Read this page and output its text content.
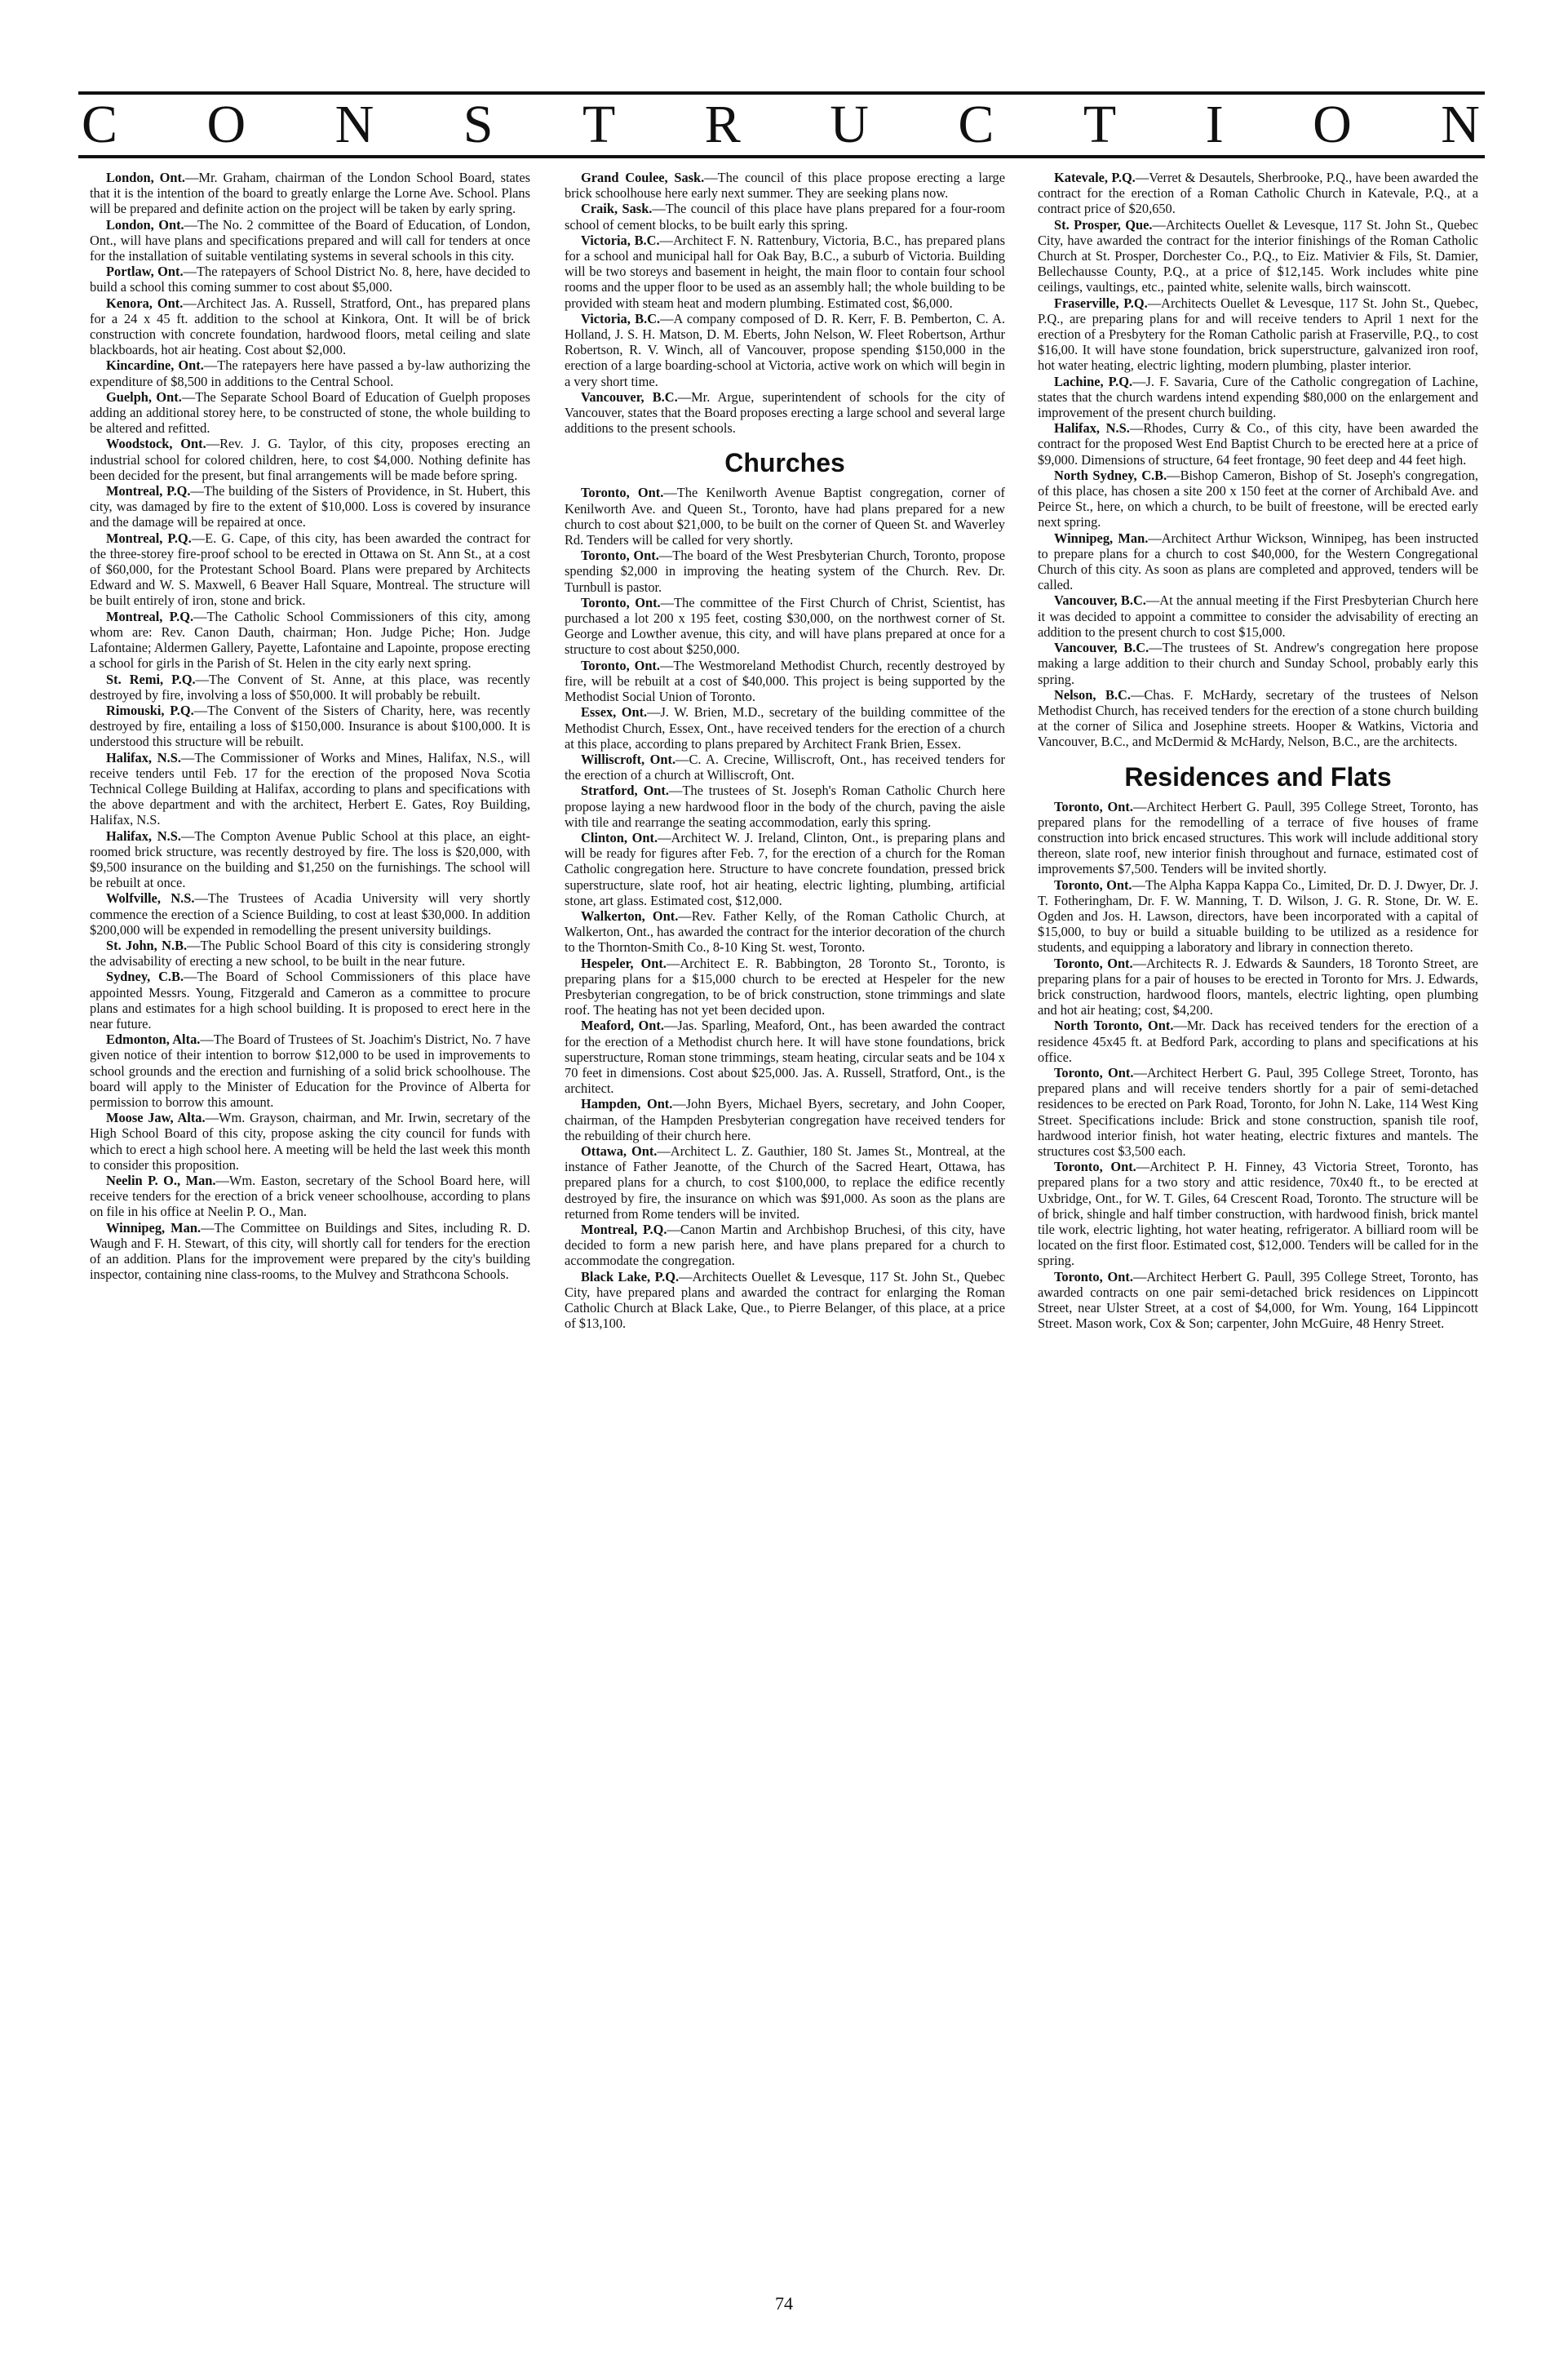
C O N S T R U C T I O N

London, Ont.—Mr. Graham, chairman of the London School Board, states that it is the intention of the board to greatly enlarge the Lorne Ave. School. Plans will be prepared and definite action on the project will be taken by early spring.

London, Ont.—The No. 2 committee of the Board of Education, of London, Ont., will have plans and specifications prepared and will call for tenders at once for the installation of suitable ventilating systems in several schools in this city.

Portlaw, Ont.—The ratepayers of School District No. 8, here, have decided to build a school this coming summer to cost about $5,000.

Kenora, Ont.—Architect Jas. A. Russell, Stratford, Ont., has prepared plans for a 24 x 45 ft. addition to the school at Kinkora, Ont. It will be of brick construction with concrete foundation, hardwood floors, metal ceiling and slate blackboards, hot air heating. Cost about $2,000.

Kincardine, Ont.—The ratepayers here have passed a by-law authorizing the expenditure of $8,500 in additions to the Central School.

Guelph, Ont.—The Separate School Board of Education of Guelph proposes adding an additional storey here, to be constructed of stone, the whole building to be altered and refitted.

Woodstock, Ont.—Rev. J. G. Taylor, of this city, proposes erecting an industrial school for colored children, here, to cost $4,000. Nothing definite has been decided for the present, but final arrangements will be made before spring.

Montreal, P.Q.—The building of the Sisters of Providence, in St. Hubert, this city, was damaged by fire to the extent of $10,000. Loss is covered by insurance and the damage will be repaired at once.

Montreal, P.Q.—E. G. Cape, of this city, has been awarded the contract for the three-storey fire-proof school to be erected in Ottawa on St. Ann St., at a cost of $60,000, for the Protestant School Board. Plans were prepared by Architects Edward and W. S. Maxwell, 6 Beaver Hall Square, Montreal. The structure will be built entirely of iron, stone and brick.

Montreal, P.Q.—The Catholic School Commissioners of this city, among whom are: Rev. Canon Dauth, chairman; Hon. Judge Piche; Hon. Judge Lafontaine; Aldermen Gallery, Payette, Lafontaine and Lapointe, propose erecting a school for girls in the Parish of St. Helen in the city early next spring.

St. Remi, P.Q.—The Convent of St. Anne, at this place, was recently destroyed by fire, involving a loss of $50,000. It will probably be rebuilt.

Rimouski, P.Q.—The Convent of the Sisters of Charity, here, was recently destroyed by fire, entailing a loss of $150,000. Insurance is about $100,000. It is understood this structure will be rebuilt.

Halifax, N.S.—The Commissioner of Works and Mines, Halifax, N.S., will receive tenders until Feb. 17 for the erection of the proposed Nova Scotia Technical College Building at Halifax, according to plans and specifications with the above department and with the architect, Herbert E. Gates, Roy Building, Halifax, N.S.

Halifax, N.S.—The Compton Avenue Public School at this place, an eight-roomed brick structure, was recently destroyed by fire. The loss is $20,000, with $9,500 insurance on the building and $1,250 on the furnishings. The school will be rebuilt at once.

Wolfville, N.S.—The Trustees of Acadia University will very shortly commence the erection of a Science Building, to cost at least $30,000. In addition $200,000 will be expended in remodelling the present university buildings.

St. John, N.B.—The Public School Board of this city is considering strongly the advisability of erecting a new school, to be built in the near future.

Sydney, C.B.—The Board of School Commissioners of this place have appointed Messrs. Young, Fitzgerald and Cameron as a committee to procure plans and estimates for a high school building. It is proposed to erect here in the near future.

Edmonton, Alta.—The Board of Trustees of St. Joachim's District, No. 7 have given notice of their intention to borrow $12,000 to be used in improvements to school grounds and the erection and furnishing of a solid brick schoolhouse. The board will apply to the Minister of Education for the Province of Alberta for permission to borrow this amount.

Moose Jaw, Alta.—Wm. Grayson, chairman, and Mr. Irwin, secretary of the High School Board of this city, propose asking the city council for funds with which to erect a high school here. A meeting will be held the last week this month to consider this proposition.

Neelin P. O., Man.—Wm. Easton, secretary of the School Board here, will receive tenders for the erection of a brick veneer schoolhouse, according to plans on file in his office at Neelin P. O., Man.

Winnipeg, Man.—The Committee on Buildings and Sites, including R. D. Waugh and F. H. Stewart, of this city, will shortly call for tenders for the erection of an addition. Plans for the improvement were prepared by the city's building inspector, containing nine class-rooms, to the Mulvey and Strathcona Schools.

Grand Coulee, Sask.—The council of this place propose erecting a large brick schoolhouse here early next summer. They are seeking plans now.

Craik, Sask.—The council of this place have plans prepared for a four-room school of cement blocks, to be built early this spring.

Victoria, B.C.—Architect F. N. Rattenbury, Victoria, B.C., has prepared plans for a school and municipal hall for Oak Bay, B.C., a suburb of Victoria. Building will be two storeys and basement in height, the main floor to contain four school rooms and the upper floor to be used as an assembly hall; the whole building to be provided with steam heat and modern plumbing. Estimated cost, $6,000.

Victoria, B.C.—A company composed of D. R. Kerr, F. B. Pemberton, C. A. Holland, J. S. H. Matson, D. M. Eberts, John Nelson, W. Fleet Robertson, Arthur Robertson, R. V. Winch, all of Vancouver, propose spending $150,000 in the erection of a large boarding-school at Victoria, active work on which will begin in a very short time.

Vancouver, B.C.—Mr. Argue, superintendent of schools for the city of Vancouver, states that the Board proposes erecting a large school and several large additions to the present schools.

Churches

Toronto, Ont.—The Kenilworth Avenue Baptist congregation, corner of Kenilworth Ave. and Queen St., Toronto, have had plans prepared for a new church to cost about $21,000, to be built on the corner of Queen St. and Waverley Rd. Tenders will be called for very shortly.

Toronto, Ont.—The board of the West Presbyterian Church, Toronto, propose spending $2,000 in improving the heating system of the Church. Rev. Dr. Turnbull is pastor.

Toronto, Ont.—The committee of the First Church of Christ, Scientist, has purchased a lot 200 x 195 feet, costing $30,000, on the northwest corner of St. George and Lowther avenue, this city, and will have plans prepared at once for a structure to cost about $250,000.

Toronto, Ont.—The Westmoreland Methodist Church, recently destroyed by fire, will be rebuilt at a cost of $40,000. This project is being supported by the Methodist Social Union of Toronto.

Essex, Ont.—J. W. Brien, M.D., secretary of the building committee of the Methodist Church, Essex, Ont., have received tenders for the erection of a church at this place, according to plans prepared by Architect Frank Brien, Essex.

Williscroft, Ont.—C. A. Crecine, Williscroft, Ont., has received tenders for the erection of a church at Williscroft, Ont.

Stratford, Ont.—The trustees of St. Joseph's Roman Catholic Church here propose laying a new hardwood floor in the body of the church, paving the aisle with tile and rearrange the seating accommodation, early this spring.

Clinton, Ont.—Architect W. J. Ireland, Clinton, Ont., is preparing plans and will be ready for figures after Feb. 7, for the erection of a church for the Roman Catholic congregation here. Structure to have concrete foundation, pressed brick superstructure, slate roof, hot air heating, electric lighting, plumbing, artificial stone, art glass. Estimated cost, $12,000.

Walkerton, Ont.—Rev. Father Kelly, of the Roman Catholic Church, at Walkerton, Ont., has awarded the contract for the interior decoration of the church to the Thornton-Smith Co., 8-10 King St. west, Toronto.

Hespeler, Ont.—Architect E. R. Babbington, 28 Toronto St., Toronto, is preparing plans for a $15,000 church to be erected at Hespeler for the new Presbyterian congregation, to be of brick construction, stone trimmings and slate roof. The heating has not yet been decided upon.

Meaford, Ont.—Jas. Sparling, Meaford, Ont., has been awarded the contract for the erection of a Methodist church here. It will have stone foundations, brick superstructure, Roman stone trimmings, steam heating, circular seats and be 104 x 70 feet in dimensions. Cost about $25,000. Jas. A. Russell, Stratford, Ont., is the architect.

Hampden, Ont.—John Byers, Michael Byers, secretary, and John Cooper, chairman, of the Hampden Presbyterian congregation have received tenders for the rebuilding of their church here.

Ottawa, Ont.—Architect L. Z. Gauthier, 180 St. James St., Montreal, at the instance of Father Jeanotte, of the Church of the Sacred Heart, Ottawa, has prepared plans for a church, to cost $100,000, to replace the edifice recently destroyed by fire, the insurance on which was $91,000. As soon as the plans are returned from Rome tenders will be invited.

Montreal, P.Q.—Canon Martin and Archbishop Bruchesi, of this city, have decided to form a new parish here, and have plans prepared for a church to accommodate the congregation.

Black Lake, P.Q.—Architects Ouellet & Levesque, 117 St. John St., Quebec City, have prepared plans and awarded the contract for enlarging the Roman Catholic Church at Black Lake, Que., to Pierre Belanger, of this place, at a price of $13,100.

Katevale, P.Q.—Verret & Desautels, Sherbrooke, P.Q., have been awarded the contract for the erection of a Roman Catholic Church in Katevale, P.Q., at a contract price of $20,650.

St. Prosper, Que.—Architects Ouellet & Levesque, 117 St. John St., Quebec City, have awarded the contract for the interior finishings of the Roman Catholic Church at St. Prosper, Dorchester Co., P.Q., to Eiz. Mativier & Fils, St. Damier, Bellechausse County, P.Q., at a price of $12,145. Work includes white pine ceilings, vaultings, etc., painted white, selenite walls, birch wainscott.

Fraserville, P.Q.—Architects Ouellet & Levesque, 117 St. John St., Quebec, P.Q., are preparing plans for and will receive tenders to April 1 next for the erection of a Presbytery for the Roman Catholic parish at Fraserville, P.Q., to cost $16,00. It will have stone foundation, brick superstructure, galvanized iron roof, hot water heating, electric lighting, modern plumbing, plaster interior.

Lachine, P.Q.—J. F. Savaria, Cure of the Catholic congregation of Lachine, states that the church wardens intend expending $80,000 on the enlargement and improvement of the present church building.

Halifax, N.S.—Rhodes, Curry & Co., of this city, have been awarded the contract for the proposed West End Baptist Church to be erected here at a price of $9,000. Dimensions of structure, 64 feet frontage, 90 feet deep and 44 feet high.

North Sydney, C.B.—Bishop Cameron, Bishop of St. Joseph's congregation, of this place, has chosen a site 200 x 150 feet at the corner of Archibald Ave. and Peirce St., here, on which a church, to be built of freestone, will be erected early next spring.

Winnipeg, Man.—Architect Arthur Wickson, Winnipeg, has been instructed to prepare plans for a church to cost $40,000, for the Western Congregational Church of this city. As soon as plans are completed and approved, tenders will be called.

Vancouver, B.C.—At the annual meeting if the First Presbyterian Church here it was decided to appoint a committee to consider the advisability of erecting an addition to the present church to cost $15,000.

Vancouver, B.C.—The trustees of St. Andrew's congregation here propose making a large addition to their church and Sunday School, probably early this spring.

Nelson, B.C.—Chas. F. McHardy, secretary of the trustees of Nelson Methodist Church, has received tenders for the erection of a stone church building at the corner of Silica and Josephine streets. Hooper & Watkins, Victoria and Vancouver, B.C., and McDermid & McHardy, Nelson, B.C., are the architects.

Residences and Flats

Toronto, Ont.—Architect Herbert G. Paull, 395 College Street, Toronto, has prepared plans for the remodelling of a terrace of five houses of frame construction into brick encased structures. This work will include additional story thereon, slate roof, new interior finish throughout and furnace, estimated cost of improvements $7,500. Tenders will be invited shortly.

Toronto, Ont.—The Alpha Kappa Kappa Co., Limited, Dr. D. J. Dwyer, Dr. J. T. Fotheringham, Dr. F. W. Manning, T. D. Wilson, J. G. R. Stone, Dr. W. E. Ogden and Jos. H. Lawson, directors, have been incorporated with a capital of $15,000, to buy or build a situable building to be utilized as a residence for students, and equipping a laboratory and library in connection thereto.

Toronto, Ont.—Architects R. J. Edwards & Saunders, 18 Toronto Street, are preparing plans for a pair of houses to be erected in Toronto for Mrs. J. Edwards, brick construction, hardwood floors, mantels, electric lighting, open plumbing and hot air heating; cost, $4,200.

North Toronto, Ont.—Mr. Dack has received tenders for the erection of a residence 45x45 ft. at Bedford Park, according to plans and specifications at his office.

Toronto, Ont.—Architect Herbert G. Paul, 395 College Street, Toronto, has prepared plans and will receive tenders shortly for a pair of semi-detached residences to be erected on Park Road, Toronto, for John N. Lake, 114 West King Street. Specifications include: Brick and stone construction, spanish tile roof, hardwood interior finish, hot water heating, electric fixtures and mantels. The structures cost $3,500 each.

Toronto, Ont.—Architect P. H. Finney, 43 Victoria Street, Toronto, has prepared plans for a two story and attic residence, 70x40 ft., to be erected at Uxbridge, Ont., for W. T. Giles, 64 Crescent Road, Toronto. The structure will be of brick, shingle and half timber construction, with hardwood finish, brick mantel tile work, electric lighting, hot water heating, refrigerator. A billiard room will be located on the first floor. Estimated cost, $12,000. Tenders will be called for in the spring.

Toronto, Ont.—Architect Herbert G. Paull, 395 College Street, Toronto, has awarded contracts on one pair semi-detached brick residences on Lippincott Street, near Ulster Street, at a cost of $4,000, for Wm. Young, 164 Lippincott Street. Mason work, Cox & Son; carpenter, John McGuire, 48 Henry Street.

74
